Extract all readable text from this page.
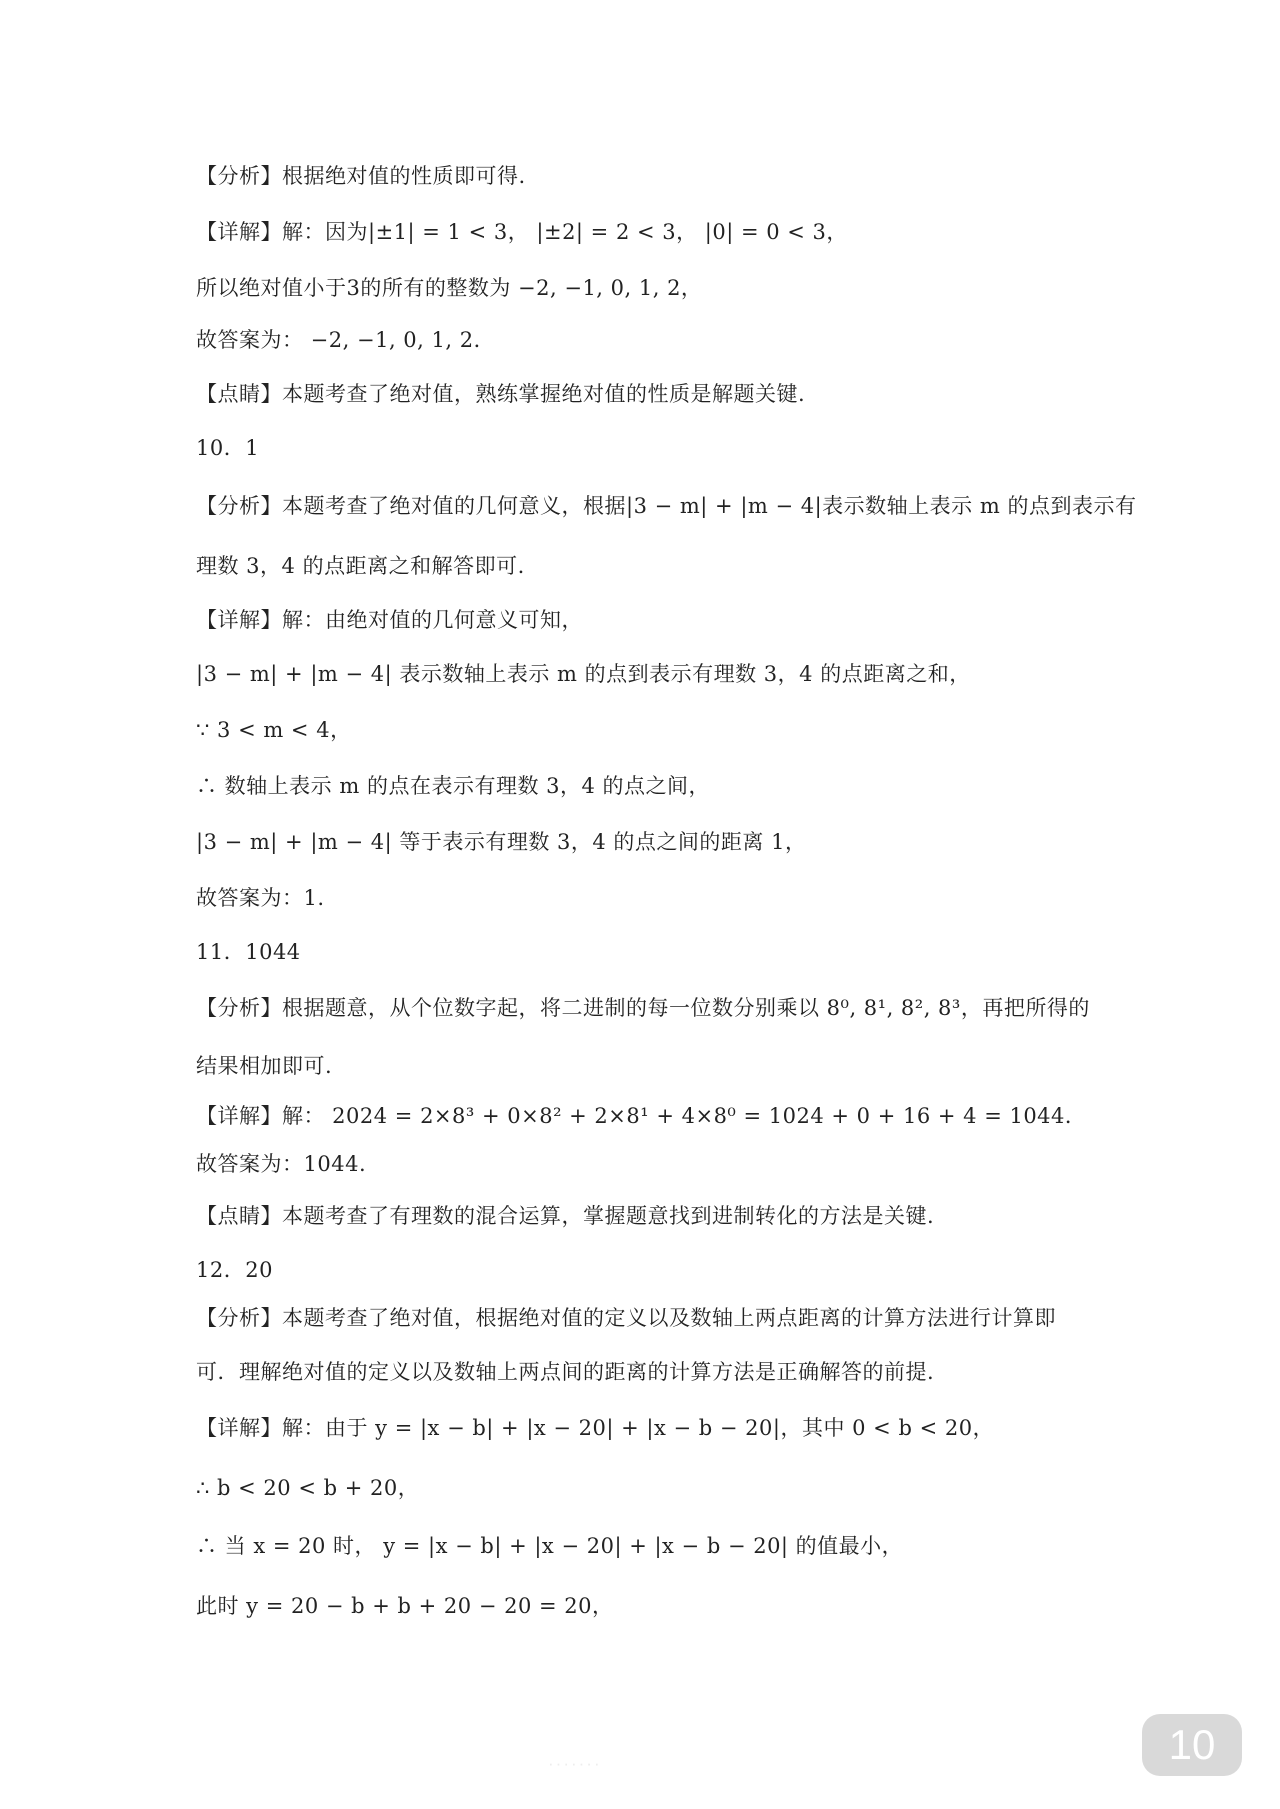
【分析】根据绝对值的性质即可得.
【详解】解：因为|±1| = 1 < 3， |±2| = 2 < 3， |0| = 0 < 3，
所以绝对值小于3的所有的整数为 −2, −1, 0, 1, 2，
故答案为： −2, −1, 0, 1, 2．
【点睛】本题考查了绝对值，熟练掌握绝对值的性质是解题关键.
10．1
【分析】本题考查了绝对值的几何意义，根据|3 − m| + |m − 4|表示数轴上表示 m 的点到表示有
理数 3，4 的点距离之和解答即可.
【详解】解：由绝对值的几何意义可知，
|3 − m| + |m − 4| 表示数轴上表示 m 的点到表示有理数 3，4 的点距离之和，
∵ 3 < m < 4，
∴ 数轴上表示 m 的点在表示有理数 3，4 的点之间，
|3 − m| + |m − 4| 等于表示有理数 3，4 的点之间的距离 1，
故答案为：1.
11．1044
【分析】根据题意，从个位数字起，将二进制的每一位数分别乘以 8⁰, 8¹, 8², 8³，再把所得的
结果相加即可.
【详解】解： 2024 = 2×8³ + 0×8² + 2×8¹ + 4×8⁰ = 1024 + 0 + 16 + 4 = 1044．
故答案为：1044.
【点睛】本题考查了有理数的混合运算，掌握题意找到进制转化的方法是关键.
12．20
【分析】本题考查了绝对值，根据绝对值的定义以及数轴上两点距离的计算方法进行计算即
可．理解绝对值的定义以及数轴上两点间的距离的计算方法是正确解答的前提.
【详解】解：由于 y = |x − b| + |x − 20| + |x − b − 20|，其中 0 < b < 20，
∴ b < 20 < b + 20，
∴ 当 x = 20 时， y = |x − b| + |x − 20| + |x − b − 20| 的值最小，
此时 y = 20 − b + b + 20 − 20 = 20，
·······	10
